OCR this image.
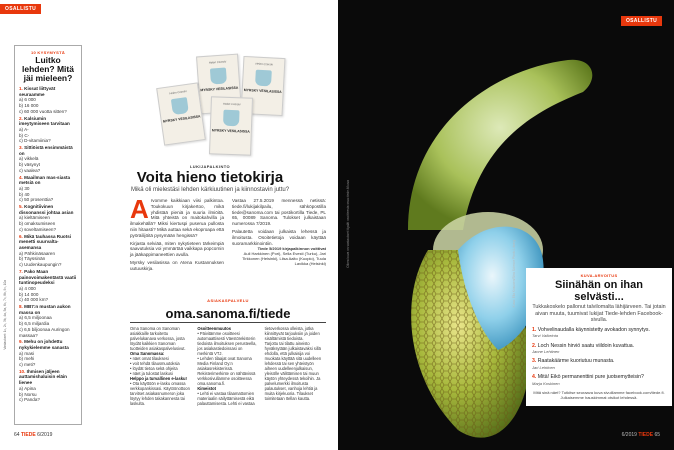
OSALLISTU
Vastaukset: 1c, 2c, 3b, 4a, 5a, 6c, 7c, 8b, 9c, 10a
10 KYSYMYSTÄ
Luitko lehden? Mitä jäi mieleen?
1. Kissat liittyvät seuraamme
a) 6 000
b) 16 000
c) 60 000 vuotta sitten?
2. Kalsiumin imeytymiseen tarvitaan
a) A-
b) C-
c) D-vitamiinia?
3. Sittiöistä ensimmäistä on
a) vikkelä
b) väsynyt
c) vaalea?
4. Maailman mas-siasta metsiä on
a) 30
b) 40
c) 50 prosenttia?
5. Kognitiivinen dissonanssi johtaa asian
a) kieltämiseen
b) omaksumiseen
c) soveltamiseen?
6. Mikä tauhassa Ruotsi menetti suurvalta-asemansa
a) Pähkinäsaaren
b) Täyssinän
c) Uudenkaupungin?
7. Pako Maan painovoimakentästä vaatii tuntinopeudeksi
a) 4 000
b) 14 000
c) 40 000 km?
8. MB7:n mustan aukon massa on
a) 6,5 miljoonaa
b) 6,5 miljardia
c) 6,5 biljoonaa Auringon massaa?
9. Mehu on johdettu nykykielemme sanasta
a) masi
b) mehi
c) meti?
10. Ihmisen jäljeen auttamishaluisin eläin lienee
a) Apina
b) Norsu
c) Panda?
Helen Czerski
MYRSKY VESILASISSA
Helen Czerski
MYRSKY VESILASISSA
Helen Czerski
MYRSKY VESILASISSA
Helen Czerski
MYRSKY VESILASISSA
LUKIJAPALKINTO
Voita hieno tietokirja
Mikä oli mielestäsi lehden kärkiuutinen ja kiinnostavin juttu?
A rvomme kaikkiaan viisi palkintoa. Toukokuun kirjakertoo, mikä yhdistää pieniä ja suuria ilmiöitä. Mitä yhteistä on maitokahvilla ja ilmakehällä? Miksi kiertuspi puserua pullosta niin hitaasti? Mikä auttaa sekä ekoproapa että pyöräilijöitä pysymään hengissä?

Kirjasta selviää, miten nykytieteen tärkeimpiä saavutuksia voi ymmärtää vaikkapa popcornin ja jääkappimaneettien avulla.

Myrsky vesilasissa on Atena Kustannuksen uutuuskirja.

Vastaa 27.5.2019 mennessä netissä: tiede.fi/lukijakilpailu, sähköpostilla tiede@sanoma.com tai postikortilla Tiede, PL 65, 00089 Sanoma. Tulokset julkaistaan numerossa 7/2019.

Palautetta voidaan julkaista lehessä ja ilmoitusta. Osoitetietoja voidaan käyttää suoramarkkinointiin.

Tiede 5/2019 kirjapalkinnon voittivat
Auli Harkkinen (Pori), Sella Evesti (Turku), Jari Tirkkonen (Helsinki), Liisa Aalto (Kuopio), Tuula Lavikka (Helsinki)
ASIAKASPALVELU
oma.sanoma.fi/tiede
Oma Sanoma on Sanoman asiakkaille tarkoitettu palvelukanava verkossa, josta löydät kaikkien Sanoman tuotteiden asiakaspalvelusivut.
Oma Sanomassa:
• näet omat tilauksesi
• voit tehdä tilausmuutoksia
• löydät tietoa sekä ohjeita
• näet ja tulostat laskusi
Helppo ja turvallinen e-lasku!
• Ota käyttöön e-lasku omassa verkkopankissasi. Käytöönottoon tarvitset asiakasnumeron joka löytyy lehden takakannesta tai laskulta.
Osoitteenmuutos
• Päivitämme osoitteesi automaattisesti Väestörekisterin tiedoista ilmoituksen perusteella, jos asiakastiedoissasi on merkintä VTJ.
• Lehden tilaajat ovat Sanoma Media Finland Oy:n asiakasrekisterissä. Rekisterimerkinte on nähtävissä verkkosivullamme osoitteessa oma.sanoma.fi.
Kimeistot
• Lehti ei vastaa tilaamattomien materiaalin säilyttämisestä eikä palauttamisesta. Lehti ei vastaa tietoverkossa olleista, jotka kiinnittyvät tarjouksiin ja joiden sisältämistä tiedoista.
Tarjottu tai tilattu aineisto hyväksytään julkaistavaksi sillä ehdolla, että julkaisija voi muokata käyttää sitä uudelleen lehdessä tai sen yhteistyön aiheen uudelleenjulkaisun, yleisölle välittämisen tai muun käytön yhteydessä tekoihin. Ja palvelumerkki ilmoitusta palautukset, vanhoja lehtiä ja muita kirjekuoria. Tilaukset toimitetaan Itellan kautta.
64 TIEDE 6/2019
OSALLISTU
Oikea kuva on vastaukset löydät osoitteesta www.tiede.fi/kuva
Kuva: Ella Kosunen/Sitra Science Photo Library	KUVA-ARVOITUS
Siinähän on ihan selvästi...
Tukkakoskelo pallonut talvilomalta lähijärveen. Tai jotain aivan muuta, tuumivat lukijat Tiede-lehden Facebook-sivulla.
1. Vohvelinaudalla käynnistetty avokadon synnytys.
Tarvi Valkeinta
2. Loch Nessin hirviö saatu viildoin kuvattua.
Janne Lehtinen
3. Raatakäärme kuoriutuu munasta.
Jari Lehtinen
4. Mitä! Eikö permanenttini pure juotsemytteisin?
Marja Koskinen
Mitä sinä näet? Tutkitse seuraava kuva sivuillamme facebook.com/tiede.fi. Julkaisemme hauskimmat otsikot lehdessä.
6/2019 TIEDE 65
